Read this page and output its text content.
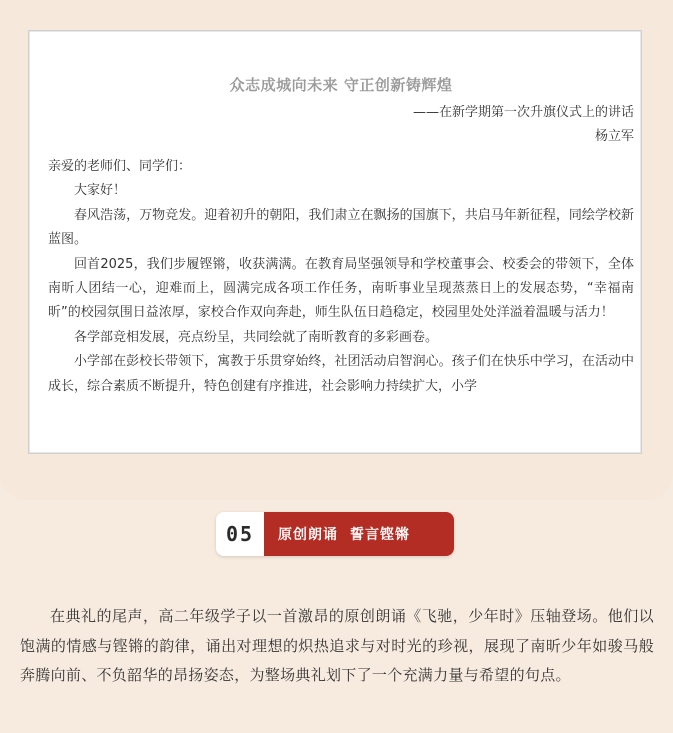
众志成城向未来 守正创新铸辉煌
——在新学期第一次升旗仪式上的讲话
杨立军

亲爱的老师们、同学们：

大家好！

春风浩荡，万物竞发。迎着初升的朝阳，我们肃立在飘扬的国旗下，共启马年新征程，同绘学校新蓝图。

回首2025，我们步履铿锵，收获满满。在教育局坚强领导和学校董事会、校委会的带领下，全体南昕人团结一心，迎难而上，圆满完成各项工作任务，南昕事业呈现蒸蒸日上的发展态势，“幸福南昕”的校园氛围日益浓厚，家校合作双向奔赴，师生队伍日趋稳定，校园里处处洋溢着温暖与活力！

各学部竞相发展，亮点纷呈，共同绘就了南昕教育的多彩画卷。

小学部在彭校长带领下，寓教于乐贯穿始终，社团活动启智润心。孩子们在快乐中学习，在活动中成长，综合素质不断提升，特色创建有序推进，社会影响力持续扩大，小学

05	原创朗诵 誓言铿锵
在典礼的尾声，高二年级学子以一首激昂的原创朗诵《飞驰，少年时》压轴登场。他们以饱满的情感与铿锵的韵律，诵出对理想的炽热追求与对时光的珍视，展现了南昕少年如骏马般奔腾向前、不负韶华的昂扬姿态，为整场典礼划下了一个充满力量与希望的句点。
